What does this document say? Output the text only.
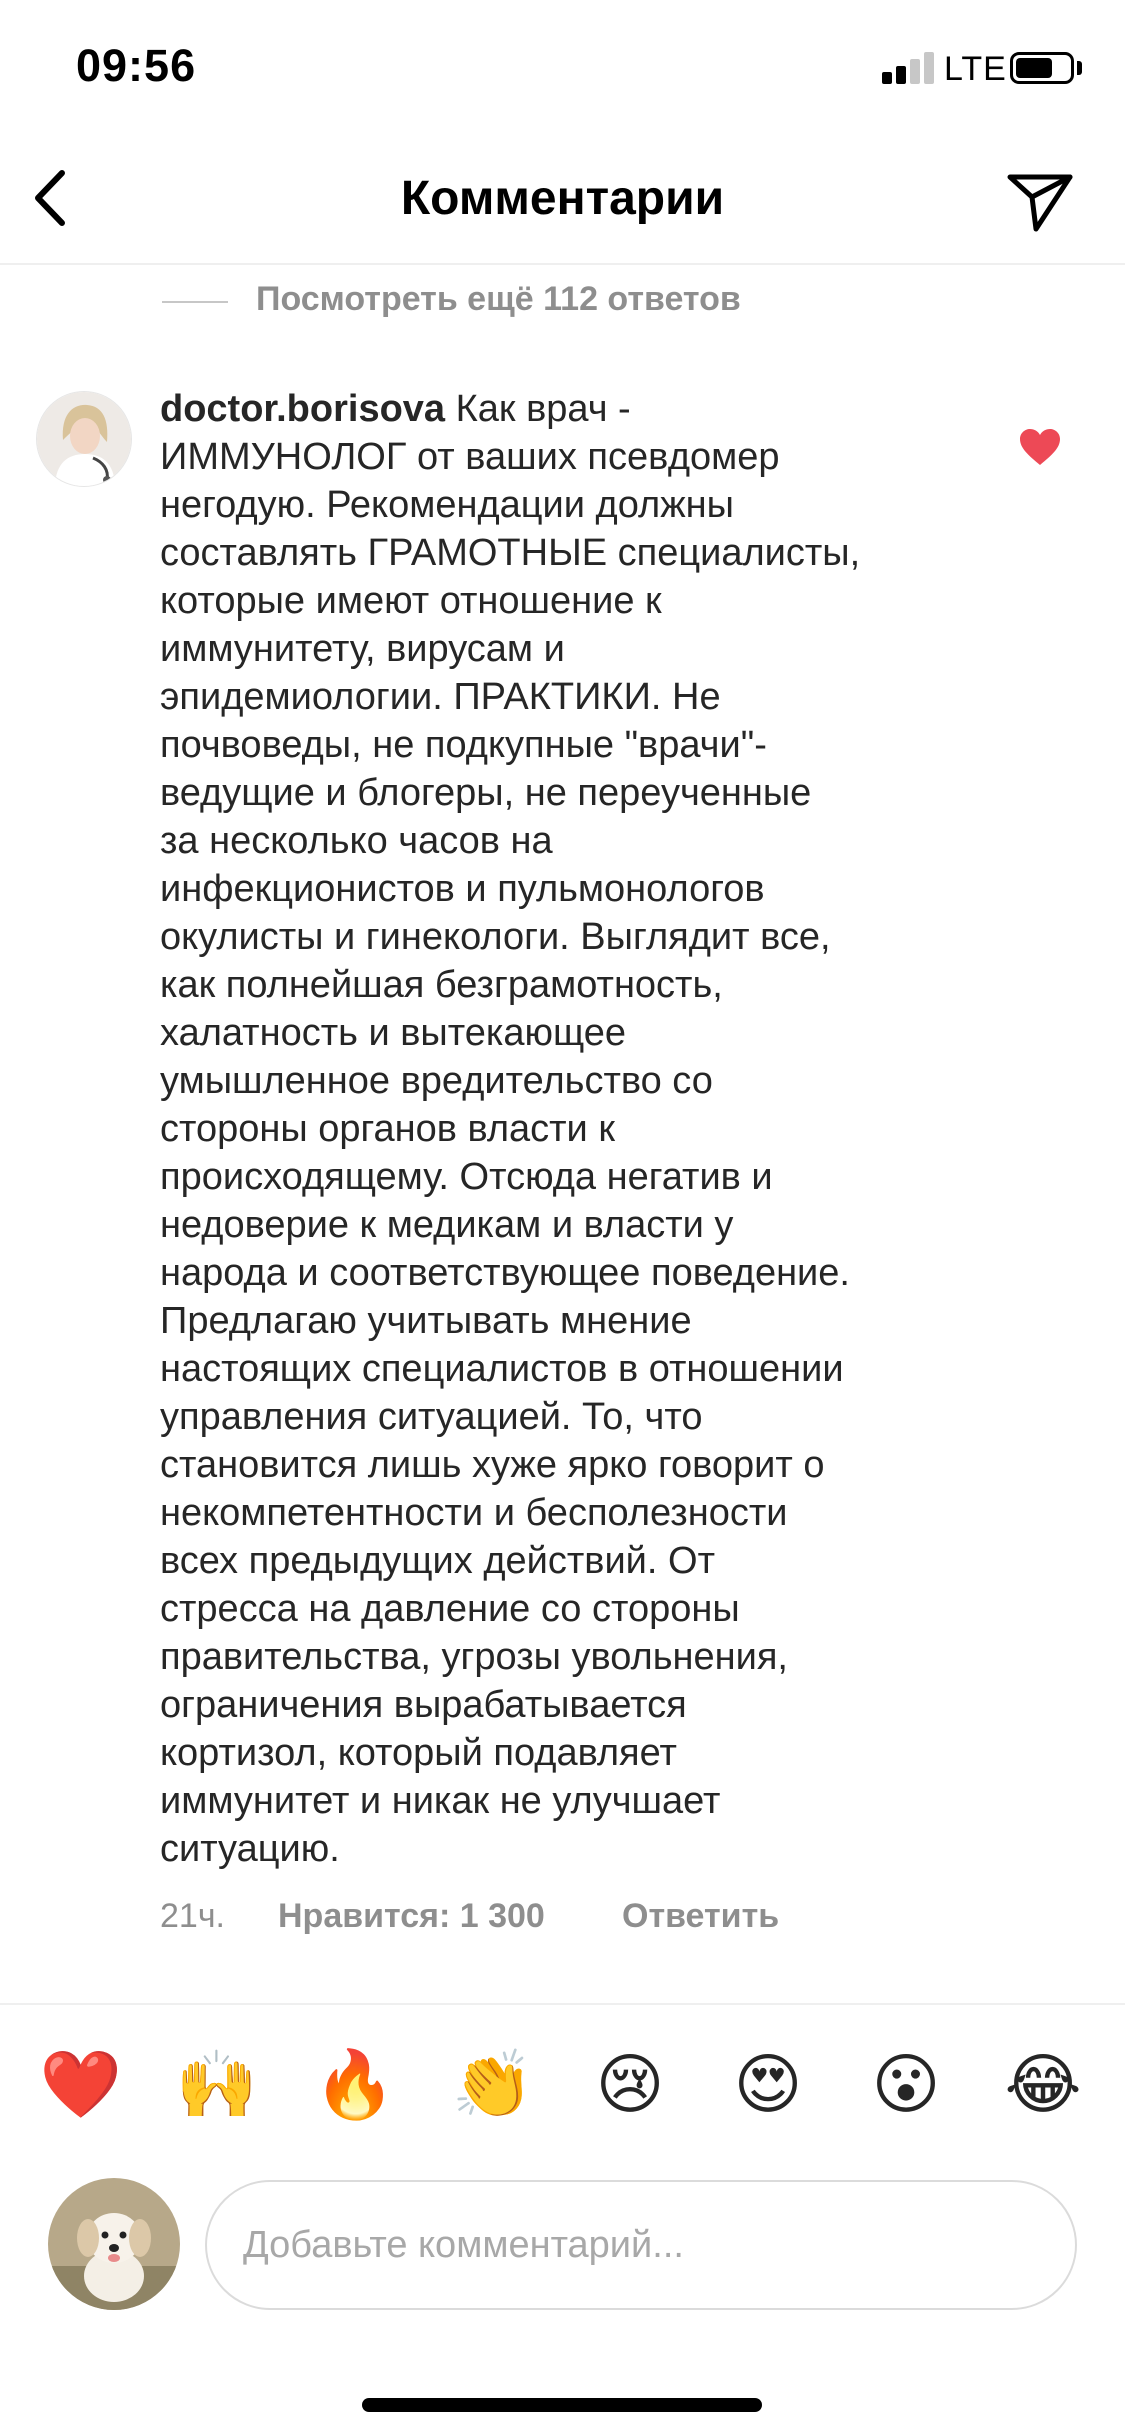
09:56	LTE
Комментарии
Посмотреть ещё 112 ответов
doctor.borisova Как врач -
ИММУНОЛОГ от ваших псевдомер
негодую. Рекомендации должны
составлять ГРАМОТНЫЕ специалисты,
которые имеют отношение к
иммунитету, вирусам и
эпидемиологии. ПРАКТИКИ. Не
почвоведы, не подкупные "врачи"-
ведущие и блогеры, не переученные
за несколько часов на
инфекционистов и пульмонологов
окулисты и гинекологи. Выглядит все,
как полнейшая безграмотность,
халатность и вытекающее
умышленное вредительство со
стороны органов власти к
происходящему. Отсюда негатив и
недоверие к медикам и власти у
народа и соответствующее поведение.
Предлагаю учитывать мнение
настоящих специалистов в отношении
управления ситуацией. То, что
становится лишь хуже ярко говорит о
некомпетентности и бесполезности
всех предыдущих действий. От
стресса на давление со стороны
правительства, угрозы увольнения,
ограничения вырабатывается
кортизол, который подавляет
иммунитет и никак не улучшает
ситуацию.
21ч. Нравится: 1 300 Ответить
❤️ 🙌 🔥 👏 😢 😍 😮 😂
Добавьте комментарий...
